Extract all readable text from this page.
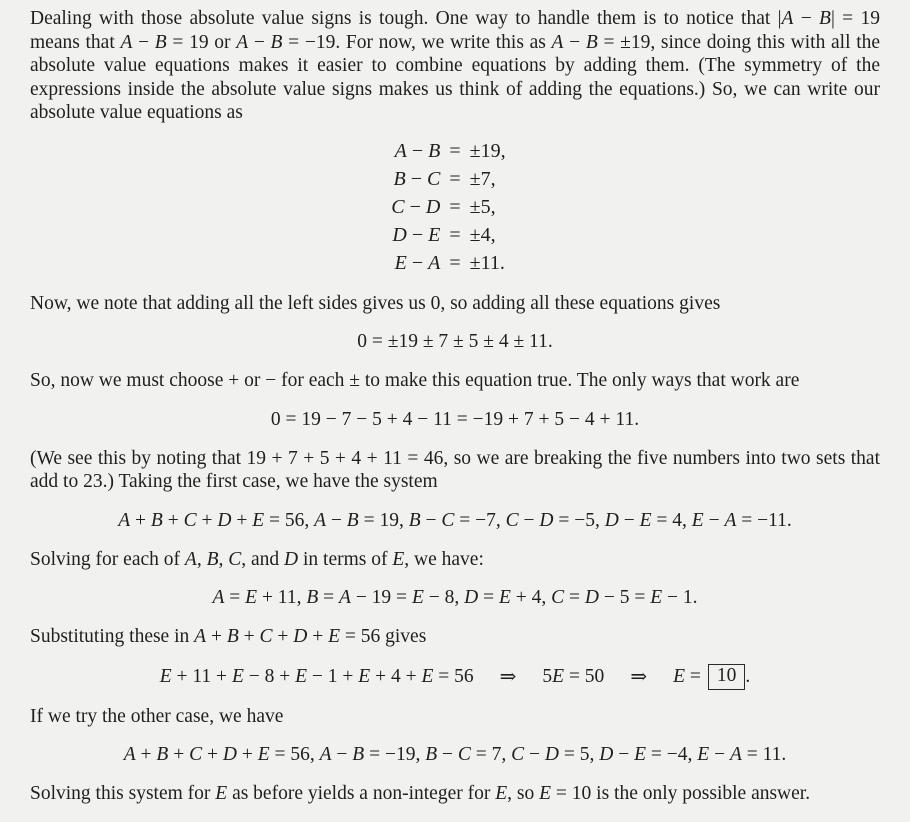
Dealing with those absolute value signs is tough. One way to handle them is to notice that |A − B| = 19 means that A − B = 19 or A − B = −19. For now, we write this as A − B = ±19, since doing this with all the absolute value equations makes it easier to combine equations by adding them. (The symmetry of the expressions inside the absolute value signs makes us think of adding the equations.) So, we can write our absolute value equations as

A − B = ±19,
B − C = ±7,
C − D = ±5,
D − E = ±4,
E − A = ±11.

Now, we note that adding all the left sides gives us 0, so adding all these equations gives

0 = ±19 ± 7 ± 5 ± 4 ± 11.

So, now we must choose + or − for each ± to make this equation true. The only ways that work are

0 = 19 − 7 − 5 + 4 − 11 = −19 + 7 + 5 − 4 + 11.

(We see this by noting that 19 + 7 + 5 + 4 + 11 = 46, so we are breaking the five numbers into two sets that add to 23.) Taking the first case, we have the system

A + B + C + D + E = 56, A − B = 19, B − C = −7, C − D = −5, D − E = 4, E − A = −11.

Solving for each of A, B, C, and D in terms of E, we have:

A = E + 11, B = A − 19 = E − 8, D = E + 4, C = D − 5 = E − 1.

Substituting these in A + B + C + D + E = 56 gives

E + 11 + E − 8 + E − 1 + E + 4 + E = 56	⇒	5E = 50	⇒	E = 10 .

If we try the other case, we have

A + B + C + D + E = 56, A − B = −19, B − C = 7, C − D = 5, D − E = −4, E − A = 11.

Solving this system for E as before yields a non-integer for E, so E = 10 is the only possible answer.
